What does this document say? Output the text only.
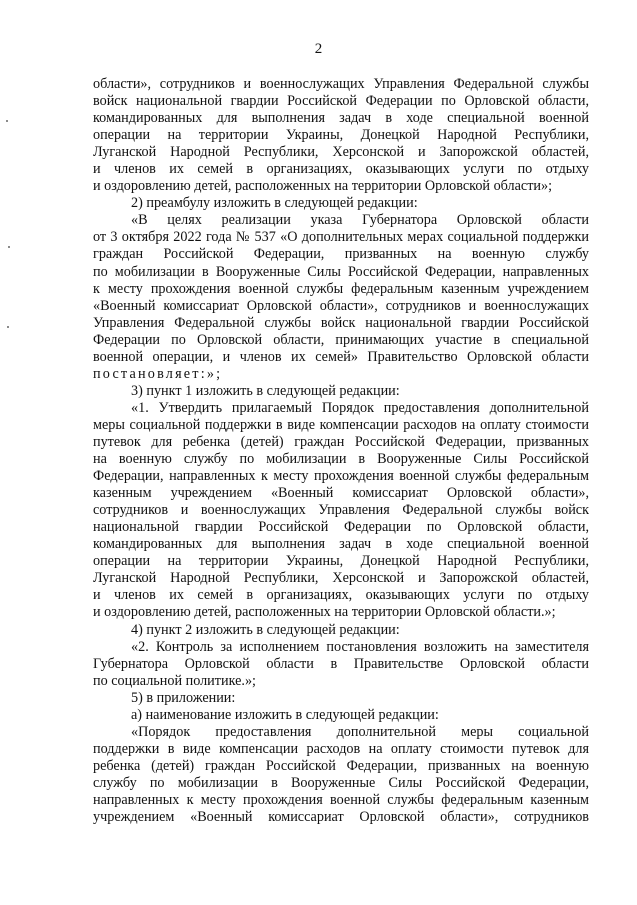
2
области», сотрудников и военнослужащих Управления Федеральной службы
войск национальной гвардии Российской Федерации по Орловской области,
командированных для выполнения задач в ходе специальной военной
операции на территории Украины, Донецкой Народной Республики,
Луганской Народной Республики, Херсонской и Запорожской областей,
и членов их семей в организациях, оказывающих услуги по отдыху
и оздоровлению детей, расположенных на территории Орловской области»;
2) преамбулу изложить в следующей редакции:
«В целях реализации указа Губернатора Орловской области
от 3 октября 2022 года № 537 «О дополнительных мерах социальной поддержки
граждан Российской Федерации, призванных на военную службу
по мобилизации в Вооруженные Силы Российской Федерации, направленных
к месту прохождения военной службы федеральным казенным учреждением
«Военный комиссариат Орловской области», сотрудников и военнослужащих
Управления Федеральной службы войск национальной гвардии Российской
Федерации по Орловской области, принимающих участие в специальной
военной операции, и членов их семей» Правительство Орловской области
постановляет:»;
3) пункт 1 изложить в следующей редакции:
«1. Утвердить прилагаемый Порядок предоставления дополнительной
меры социальной поддержки в виде компенсации расходов на оплату стоимости
путевок для ребенка (детей) граждан Российской Федерации, призванных
на военную службу по мобилизации в Вооруженные Силы Российской
Федерации, направленных к месту прохождения военной службы федеральным
казенным учреждением «Военный комиссариат Орловской области»,
сотрудников и военнослужащих Управления Федеральной службы войск
национальной гвардии Российской Федерации по Орловской области,
командированных для выполнения задач в ходе специальной военной
операции на территории Украины, Донецкой Народной Республики,
Луганской Народной Республики, Херсонской и Запорожской областей,
и членов их семей в организациях, оказывающих услуги по отдыху
и оздоровлению детей, расположенных на территории Орловской области.»;
4) пункт 2 изложить в следующей редакции:
«2. Контроль за исполнением постановления возложить на заместителя
Губернатора Орловской области в Правительстве Орловской области
по социальной политике.»;
5) в приложении:
а) наименование изложить в следующей редакции:
«Порядок предоставления дополнительной меры социальной
поддержки в виде компенсации расходов на оплату стоимости путевок для
ребенка (детей) граждан Российской Федерации, призванных на военную
службу по мобилизации в Вооруженные Силы Российской Федерации,
направленных к месту прохождения военной службы федеральным казенным
учреждением «Военный комиссариат Орловской области», сотрудников
